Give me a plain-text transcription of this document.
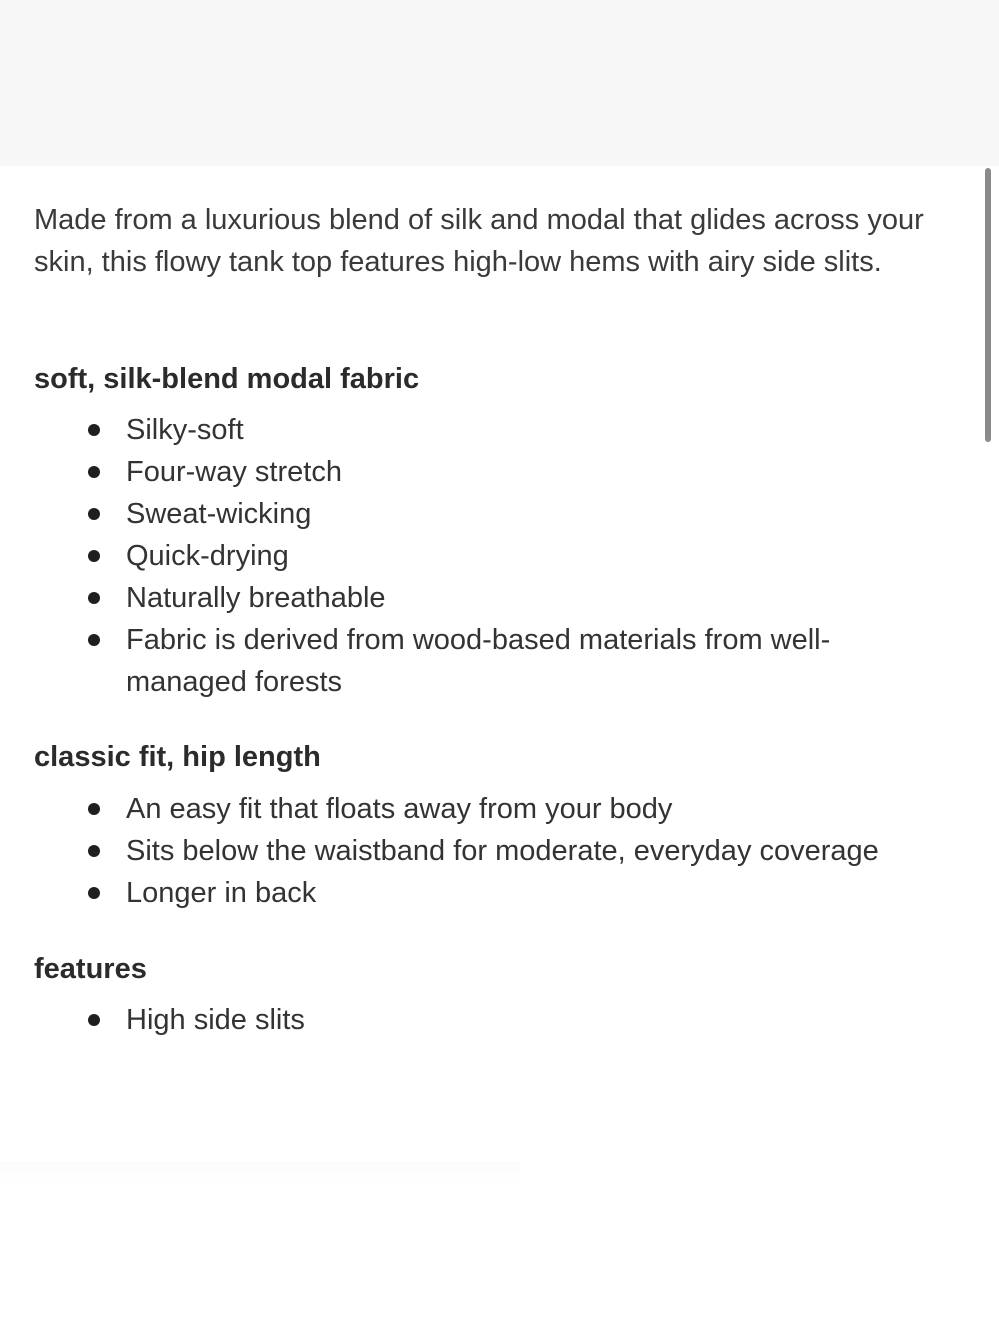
Made from a luxurious blend of silk and modal that glides across your skin, this flowy tank top features high-low hems with airy side slits.

soft, silk-blend modal fabric
Silky-soft
Four-way stretch
Sweat-wicking
Quick-drying
Naturally breathable
Fabric is derived from wood-based materials from well-managed forests
classic fit, hip length
An easy fit that floats away from your body
Sits below the waistband for moderate, everyday coverage
Longer in back
features
High side slits
